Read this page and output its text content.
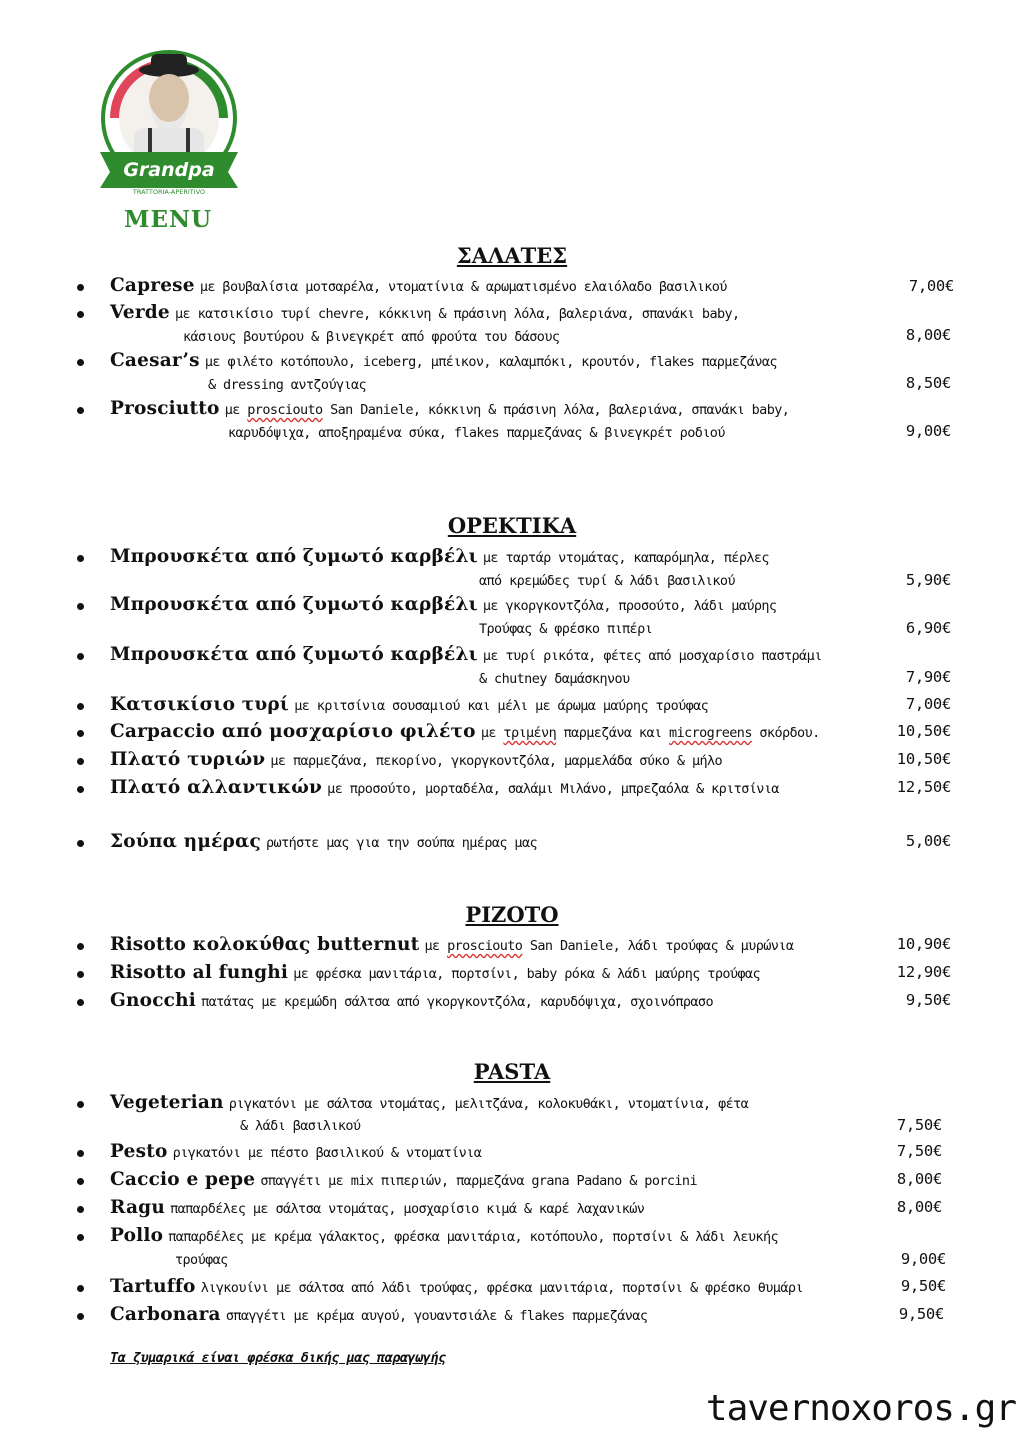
Grandpa
TRATTORIA-APERITIVO
MENU
ΣΑΛΑΤΕΣ
Caprese με βουβαλίσια μοτσαρέλα, ντοματίνια & αρωματισμένο ελαιόλαδο βασιλικού	7,00€
Verde με κατσικίσιο τυρί chevre, κόκκινη & πράσινη λόλα, βαλεριάνα, σπανάκι baby,
κάσιους βουτύρου & βινεγκρέτ από φρούτα του δάσους	8,00€
Caesar’s με φιλέτο κοτόπουλο, iceberg, μπέικον, καλαμπόκι, κρουτόν, flakes παρμεζάνας
& dressing αντζούγιας	8,50€
Prosciutto με prosciouto San Daniele, κόκκινη & πράσινη λόλα, βαλεριάνα, σπανάκι baby,
καρυδόψιχα, αποξηραμένα σύκα, flakes παρμεζάνας & βινεγκρέτ ροδιού	9,00€
ΟΡΕΚΤΙΚΑ
Μπρουσκέτα από ζυμωτό καρβέλι με ταρτάρ ντομάτας, καπαρόμηλα, πέρλες
από κρεμώδες τυρί & λάδι βασιλικού	5,90€
Μπρουσκέτα από ζυμωτό καρβέλι με γκοργκοντζόλα, προσούτο, λάδι μαύρης
Τρούφας & φρέσκο πιπέρι	6,90€
Μπρουσκέτα από ζυμωτό καρβέλι με τυρί ρικότα, φέτες από μοσχαρίσιο παστράμι
& chutney δαμάσκηνου	7,90€
Κατσικίσιο τυρί με κριτσίνια σουσαμιού και μέλι με άρωμα μαύρης τρούφας	7,00€
Carpaccio από μοσχαρίσιο φιλέτο με τριμένη παρμεζάνα και microgreens σκόρδου.	10,50€
Πλατό τυριών με παρμεζάνα, πεκορίνο, γκοργκοντζόλα, μαρμελάδα σύκο & μήλο	10,50€
Πλατό αλλαντικών με προσούτο, μορταδέλα, σαλάμι Μιλάνο, μπρεζαόλα & κριτσίνια	12,50€
Σούπα ημέρας ρωτήστε μας για την σούπα ημέρας μας	5,00€
ΡΙΖΟΤΟ
Risotto κολοκύθας butternut με prosciouto San Daniele, λάδι τρούφας & μυρώνια	10,90€
Risotto al funghi με φρέσκα μανιτάρια, πορτσίνι, baby ρόκα & λάδι μαύρης τρούφας	12,90€
Gnocchi πατάτας με κρεμώδη σάλτσα από γκοργκοντζόλα, καρυδόψιχα, σχοινόπρασο	9,50€
PASTA
Vegeterian ριγκατόνι με σάλτσα ντομάτας, μελιτζάνα, κολοκυθάκι, ντοματίνια, φέτα
& λάδι βασιλικού	7,50€
Pesto ριγκατόνι με πέστο βασιλικού & ντοματίνια	7,50€
Caccio e pepe σπαγγέτι με mix πιπεριών, παρμεζάνα grana Padano & porcini	8,00€
Ragu παπαρδέλες με σάλτσα ντομάτας, μοσχαρίσιο κιμά & καρέ λαχανικών	8,00€
Pollo παπαρδέλες με κρέμα γάλακτος, φρέσκα μανιτάρια, κοτόπουλο, πορτσίνι & λάδι λευκής
τρούφας	9,00€
Tartuffo λιγκουίνι με σάλτσα από λάδι τρούφας, φρέσκα μανιτάρια, πορτσίνι & φρέσκο θυμάρι	9,50€
Carbonara σπαγγέτι με κρέμα αυγού, γουαντσιάλε & flakes παρμεζάνας	9,50€
Τα ζυμαρικά είναι φρέσκα δικής μας παραγωγής
tavernoxoros.gr
